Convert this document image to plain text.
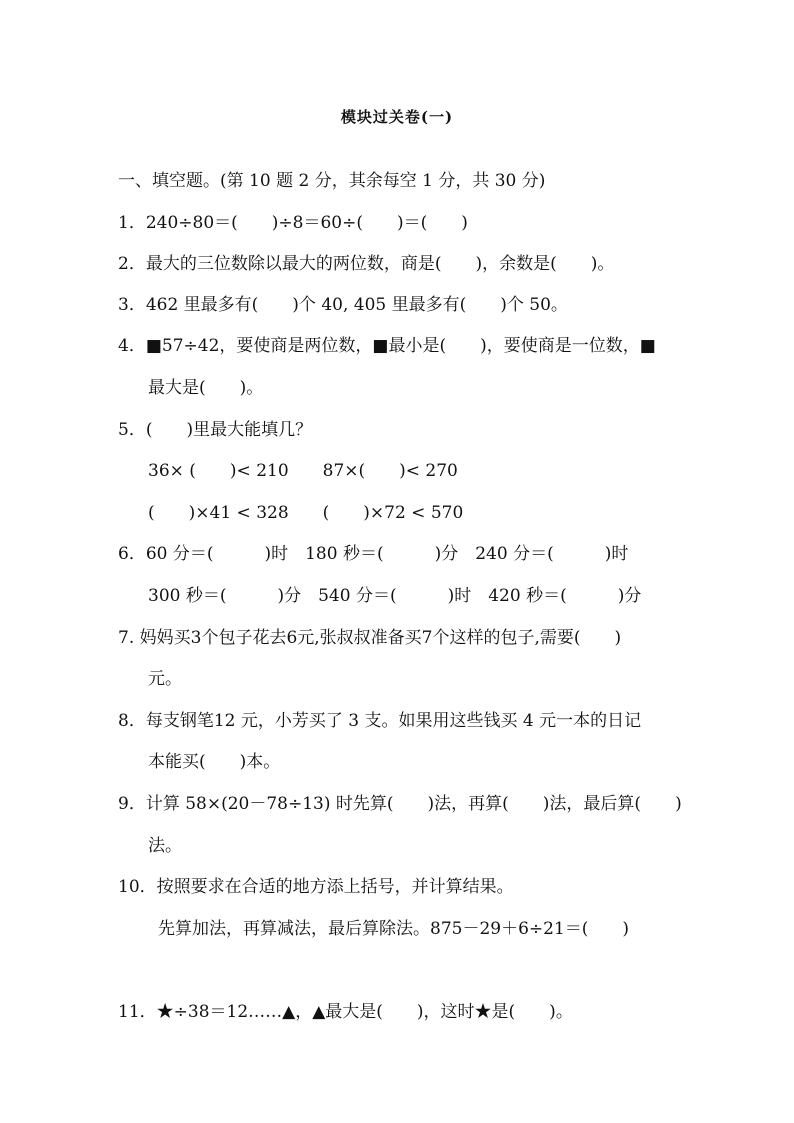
模块过关卷(一)
一、填空题。(第 10 题 2 分，其余每空 1 分，共 30 分)
1．240÷80＝(　　)÷8＝60÷(　　)＝(　　)
2．最大的三位数除以最大的两位数，商是(　　)，余数是(　　)。
3．462 里最多有(　　)个 40, 405 里最多有(　　)个 50。
4．■57÷42，要使商是两位数，■最小是(　　)，要使商是一位数，■
最大是(　　)。
5．(　　)里最大能填几？
36× (　　)< 210　　87×(　　)< 270
(　　)×41 < 328　　(　　)×72 < 570
6．60 分＝(　　　)时　180 秒＝(　　　)分　240 分＝(　　　)时
300 秒＝(　　　)分　540 分＝(　　　)时　420 秒＝(　　　)分
7. 妈妈买3个包子花去6元,张叔叔准备买7个这样的包子,需要(　　)
元。
8．每支钢笔12 元，小芳买了 3 支。如果用这些钱买 4 元一本的日记
本能买(　　)本。
9．计算 58×(20－78÷13) 时先算(　　)法，再算(　　)法，最后算(　　)
法。
10．按照要求在合适的地方添上括号，并计算结果。
先算加法，再算减法，最后算除法。875－29＋6÷21＝(　　)
11．★÷38＝12……▲，▲最大是(　　)，这时★是(　　)。
